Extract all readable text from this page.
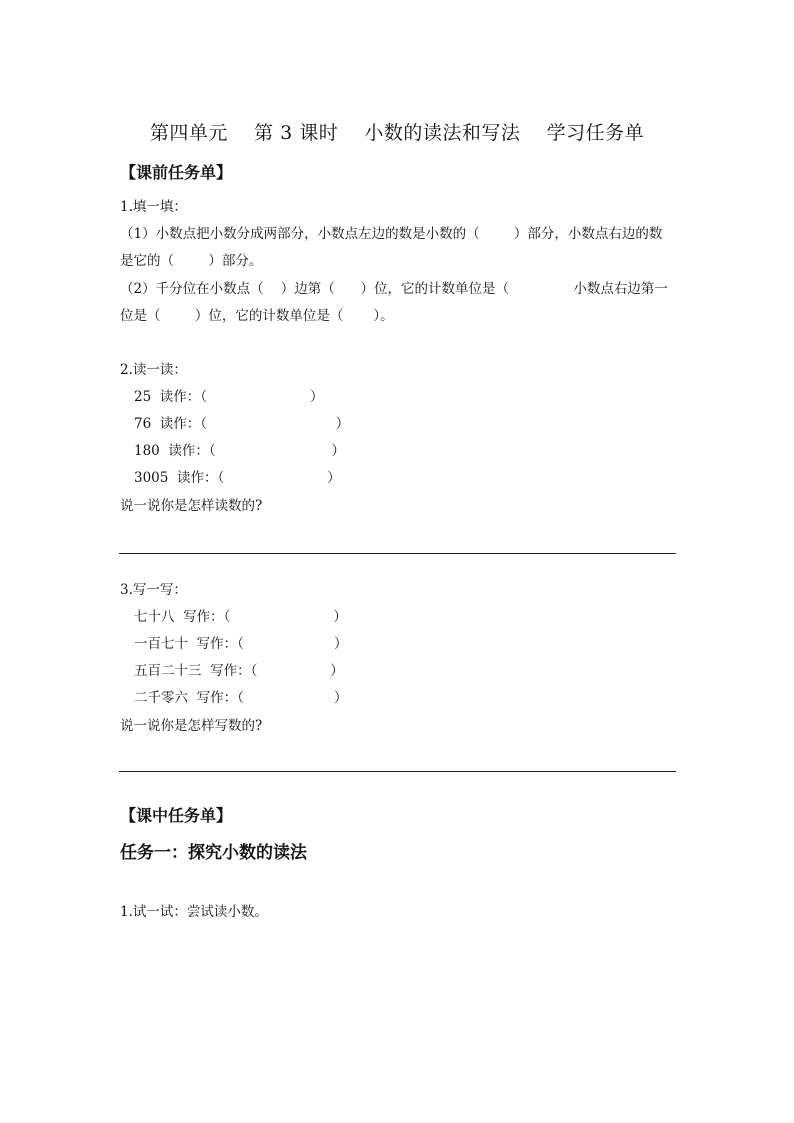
第四单元    第 3 课时    小数的读法和写法    学习任务单
【课前任务单】
1.填一填：
（1）小数点把小数分成两部分，小数点左边的数是小数的（        ）部分，小数点右边的数
是它的（        ）部分。
（2）千分位在小数点（    ）边第（      ）位，它的计数单位是（               小数点右边第一
位是（        ）位，它的计数单位是（       ）。
2.读一读：
25  读作：（                        ）
76  读作：（                              ）
180  读作：（                           ）
3005  读作：（                        ）
说一说你是怎样读数的?
3.写一写：
七十八  写作：（                        ）
一百七十  写作：（                     ）
五百二十三  写作：（                 ）
二千零六  写作：（                     ）
说一说你是怎样写数的?
【课中任务单】
任务一：探究小数的读法
1.试一试：尝试读小数。
